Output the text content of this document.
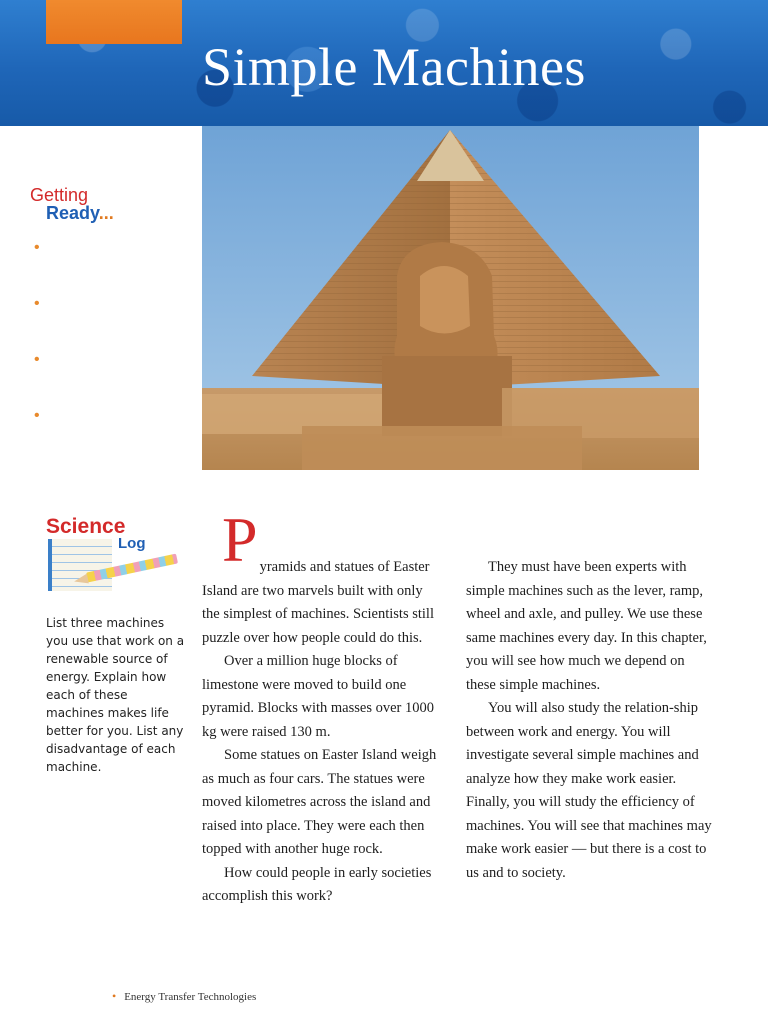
Simple Machines
Getting
Ready...
•
•
•
•
Science
Log
List three machines you use that work on a renewable source of energy. Explain how each of these machines makes life better for you. List any disadvantage of each machine.

Pyramids and statues of Easter Island are two marvels built with only the simplest of machines. Scientists still puzzle over how people could do this.

Over a million huge blocks of limestone were moved to build one pyramid. Blocks with masses over 1000 kg were raised 130 m.

Some statues on Easter Island weigh as much as four cars. The statues were moved kilometres across the island and raised into place. They were each then topped with another huge rock.

How could people in early societies accomplish this work?

They must have been experts with simple machines such as the lever, ramp, wheel and axle, and pulley. We use these same machines every day. In this chapter, you will see how much we depend on these simple machines.

You will also study the relation-ship between work and energy. You will investigate several simple machines and analyze how they make work easier. Finally, you will study the efficiency of machines. You will see that machines may make work easier — but there is a cost to us and to society.

• Energy Transfer Technologies
